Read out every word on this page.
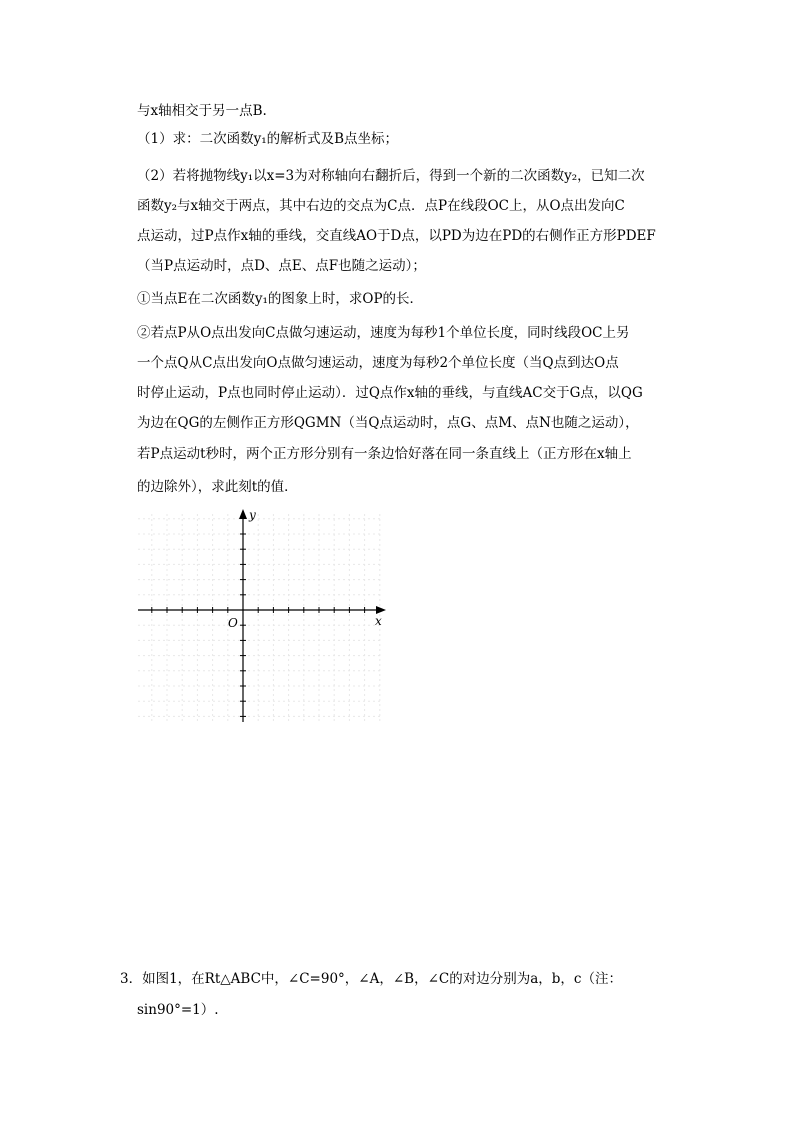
与x轴相交于另一点B.
（1）求：二次函数y₁的解析式及B点坐标；
（2）若将抛物线y₁以x=3为对称轴向右翻折后，得到一个新的二次函数y₂，已知二次
函数y₂与x轴交于两点，其中右边的交点为C点．点P在线段OC上，从O点出发向C
点运动，过P点作x轴的垂线，交直线AO于D点，以PD为边在PD的右侧作正方形PDEF
（当P点运动时，点D、点E、点F也随之运动）；
①当点E在二次函数y₁的图象上时，求OP的长．
②若点P从O点出发向C点做匀速运动，速度为每秒1个单位长度，同时线段OC上另
一个点Q从C点出发向O点做匀速运动，速度为每秒2个单位长度（当Q点到达O点
时停止运动，P点也同时停止运动）．过Q点作x轴的垂线，与直线AC交于G点，以QG
为边在QG的左侧作正方形QGMN（当Q点运动时，点G、点M、点N也随之运动），
若P点运动t秒时，两个正方形分别有一条边恰好落在同一条直线上（正方形在x轴上
的边除外），求此刻t的值．
O	x
y
3．如图1，在Rt△ABC中，∠C=90°，∠A，∠B，∠C的对边分别为a，b，c（注：
sin90°=1）.
